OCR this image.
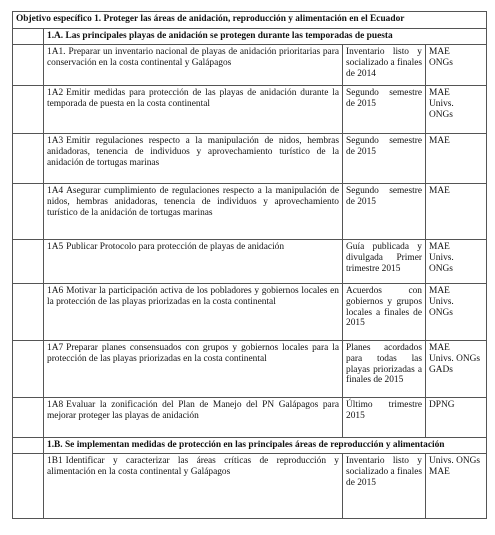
Objetivo específico 1. Proteger las áreas de anidación, reproducción y alimentación en el Ecuador			
	1.A. Las principales playas de anidación se protegen durante las temporadas de puesta		
	1A1. Preparar un inventario nacional de playas de anidación prioritarias para conservación en la costa continental y Galápagos	Inventario listo y socializado a finales de 2014	MAE
ONGs

	1A2 Emitir medidas para protección de las playas de anidación durante la temporada de puesta en la costa continental	Segundo semestre de 2015	MAE
Univs.
ONGs

	1A3 Emitir regulaciones respecto a la manipulación de nidos, hembras anidadoras, tenencia de individuos y aprovechamiento turístico de la anidación de tortugas marinas	Segundo semestre de 2015	MAE

	1A4 Asegurar cumplimiento de regulaciones respecto a la manipulación de nidos, hembras anidadoras, tenencia de individuos y aprovechamiento turístico de la anidación de tortugas marinas	Segundo semestre de 2015	MAE

	1A5 Publicar Protocolo para protección de playas de anidación	Guía publicada y divulgada Primer trimestre 2015	MAE
Univs.
ONGs

	1A6 Motivar la participación activa de los pobladores y gobiernos locales en la protección de las playas priorizadas en la costa continental	Acuerdos con gobiernos y grupos locales a finales de 2015	MAE
Univs.
ONGs

	1A7 Preparar planes consensuados con grupos y gobiernos locales para la protección de las playas priorizadas en la costa continental	Planes acordados para todas las playas priorizadas a finales de 2015	MAE
Univs. ONGs
GADs

	1A8 Evaluar la zonificación del Plan de Manejo del PN Galápagos para mejorar proteger las playas de anidación	Último trimestre 2015	DPNG

	1.B. Se implementan medidas de protección en las principales áreas de reproducción y alimentación		
	1B1 Identificar y caracterizar las áreas críticas de reproducción y alimentación en la costa continental y Galápagos	Inventario listo y socializado a finales de 2015	Univs. ONGs
MAE
